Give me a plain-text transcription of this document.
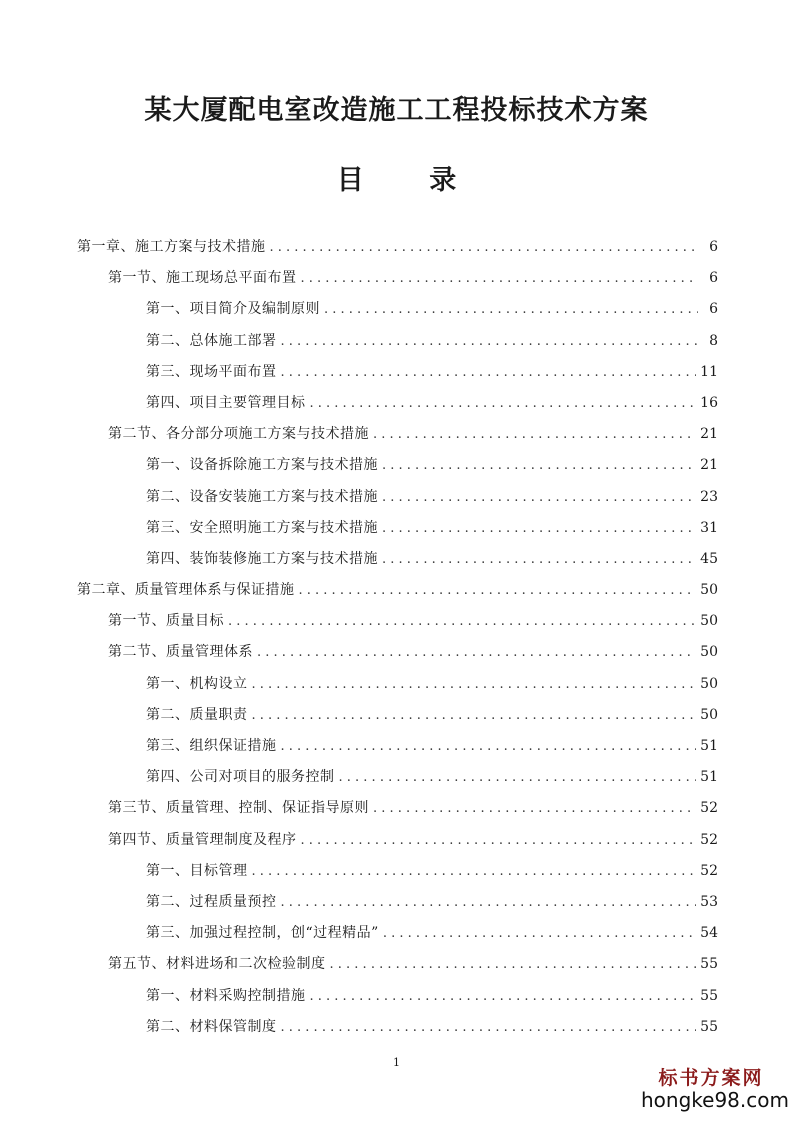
某大厦配电室改造施工工程投标技术方案
目 录
第一章、施工方案与技术措施 . . .	6
第一节、施工现场总平面布置 . . .	6
第一、项目简介及编制原则 . . .	6
第二、总体施工部署 . . .	8
第三、现场平面布置 . . .	11
第四、项目主要管理目标 . . .	16
第二节、各分部分项施工方案与技术措施 . . .	21
第一、设备拆除施工方案与技术措施 . . .	21
第二、设备安装施工方案与技术措施 . . .	23
第三、安全照明施工方案与技术措施 . . .	31
第四、装饰装修施工方案与技术措施 . . .	45
第二章、质量管理体系与保证措施 . . .	50
第一节、质量目标 . . .	50
第二节、质量管理体系 . . .	50
第一、机构设立 . . .	50
第二、质量职责 . . .	50
第三、组织保证措施 . . .	51
第四、公司对项目的服务控制 . . .	51
第三节、质量管理、控制、保证指导原则 . . .	52
第四节、质量管理制度及程序 . . .	52
第一、目标管理 . . .	52
第二、过程质量预控 . . .	53
第三、加强过程控制，创“过程精品” . . .	54
第五节、材料进场和二次检验制度 . . .	55
第一、材料采购控制措施 . . .	55
第二、材料保管制度 . . .	55
1
标书方案网
hongke98.com
